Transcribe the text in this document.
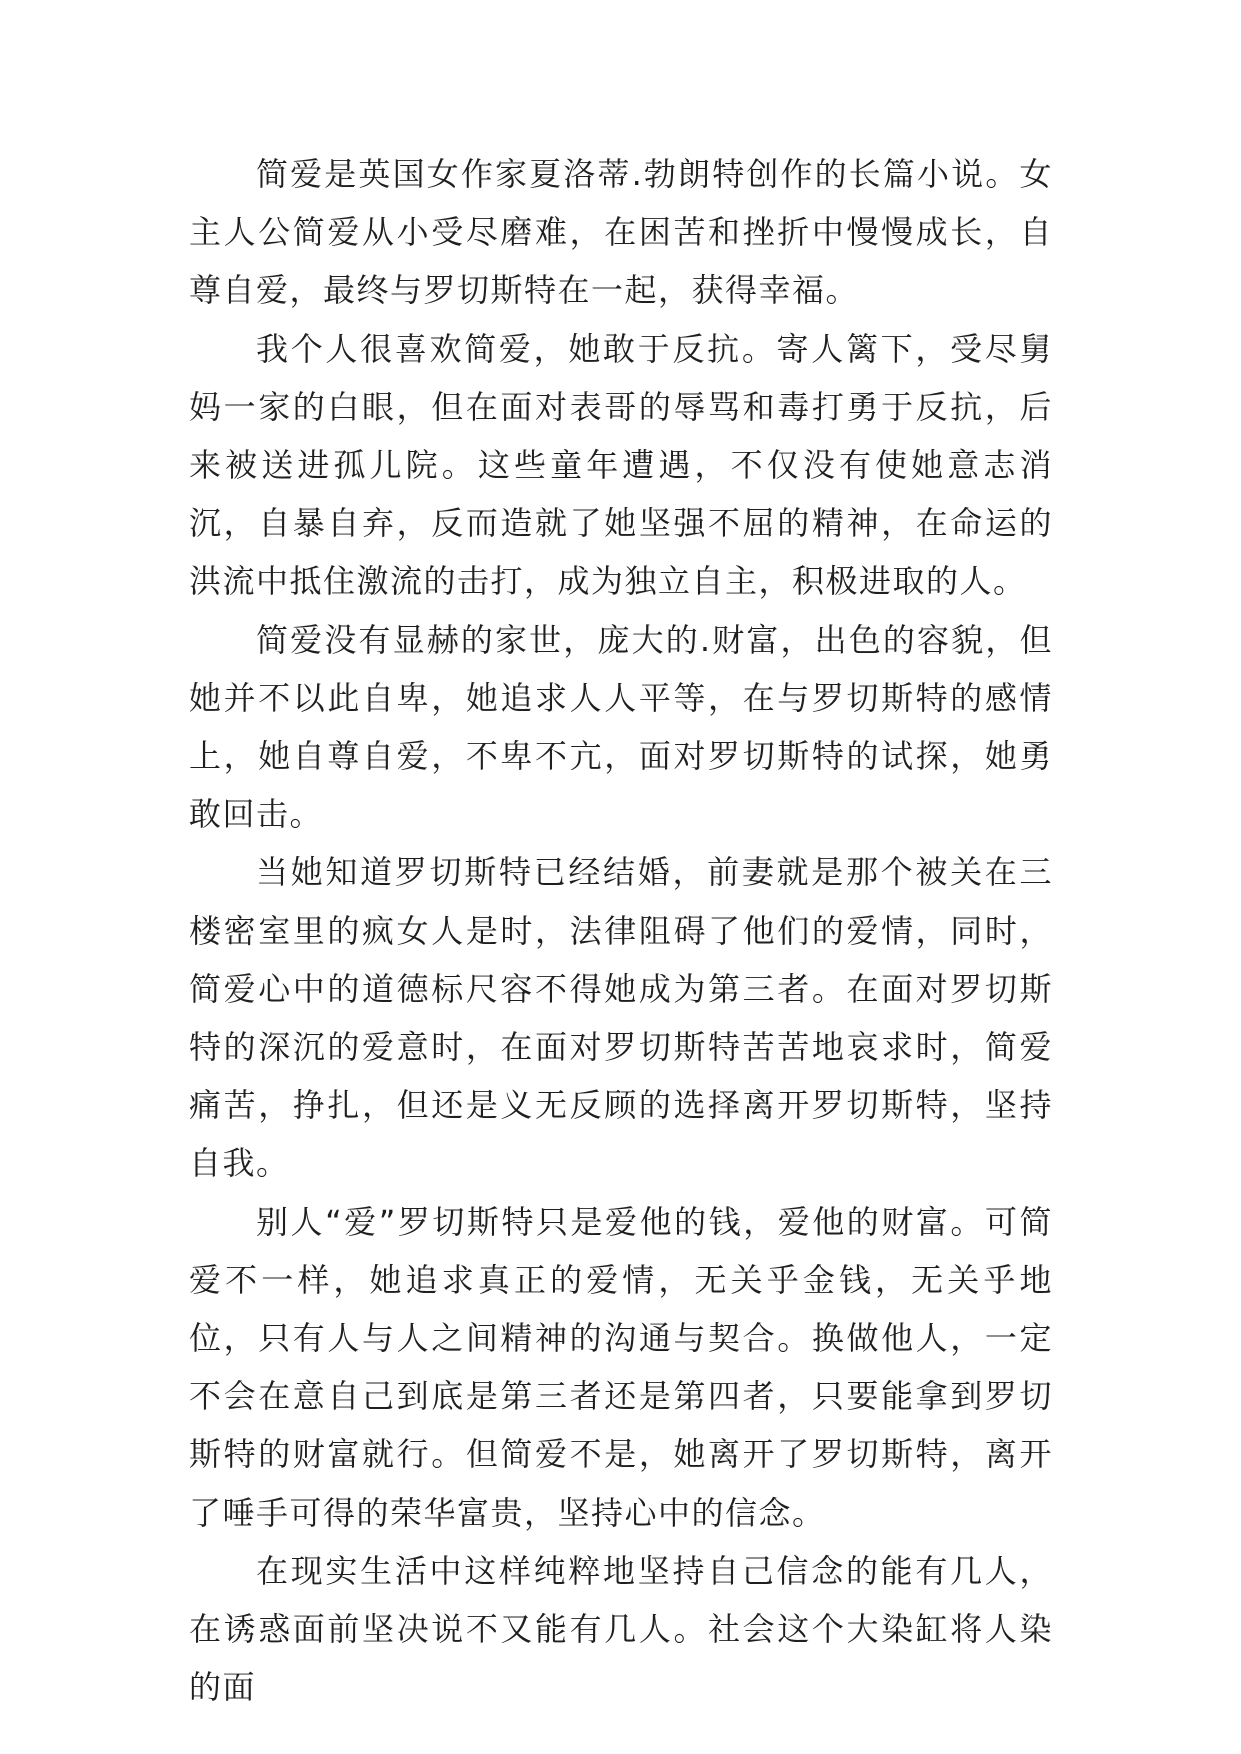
简爱是英国女作家夏洛蒂.勃朗特创作的长篇小说。女主人公简爱从小受尽磨难，在困苦和挫折中慢慢成长，自尊自爱，最终与罗切斯特在一起，获得幸福。

我个人很喜欢简爱，她敢于反抗。寄人篱下，受尽舅妈一家的白眼，但在面对表哥的辱骂和毒打勇于反抗，后来被送进孤儿院。这些童年遭遇，不仅没有使她意志消沉，自暴自弃，反而造就了她坚强不屈的精神，在命运的洪流中抵住激流的击打，成为独立自主，积极进取的人。

简爱没有显赫的家世，庞大的.财富，出色的容貌，但她并不以此自卑，她追求人人平等，在与罗切斯特的感情上，她自尊自爱，不卑不亢，面对罗切斯特的试探，她勇敢回击。

当她知道罗切斯特已经结婚，前妻就是那个被关在三楼密室里的疯女人是时，法律阻碍了他们的爱情，同时，简爱心中的道德标尺容不得她成为第三者。在面对罗切斯特的深沉的爱意时，在面对罗切斯特苦苦地哀求时，简爱痛苦，挣扎，但还是义无反顾的选择离开罗切斯特，坚持自我。

别人“爱”罗切斯特只是爱他的钱，爱他的财富。可简爱不一样，她追求真正的爱情，无关乎金钱，无关乎地位，只有人与人之间精神的沟通与契合。换做他人，一定不会在意自己到底是第三者还是第四者，只要能拿到罗切斯特的财富就行。但简爱不是，她离开了罗切斯特，离开了唾手可得的荣华富贵，坚持心中的信念。

在现实生活中这样纯粹地坚持自己信念的能有几人，在诱惑面前坚决说不又能有几人。社会这个大染缸将人染的面
